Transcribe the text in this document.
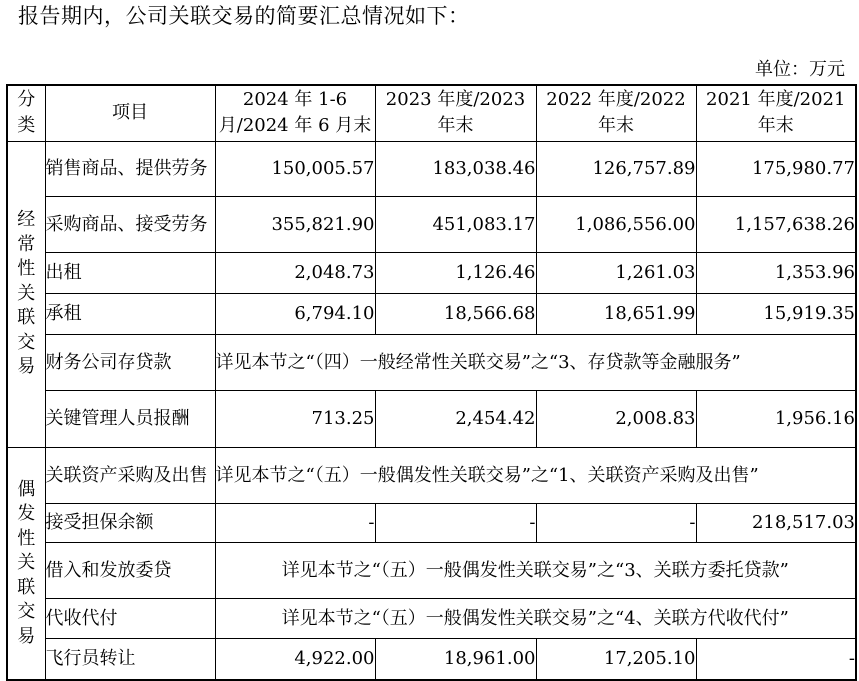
报告期内，公司关联交易的简要汇总情况如下：
单位：万元
分类	项目	2024 年 1-6 月/2024 年 6 月末	2023 年度/2023年末	2022 年度/2022年末	2021 年度/2021年末
经常性关联交易	销售商品、提供劳务	150,005.57	183,038.46	126,757.89	175,980.77
	采购商品、接受劳务	355,821.90	451,083.17	1,086,556.00	1,157,638.26
	出租	2,048.73	1,126.46	1,261.03	1,353.96
	承租	6,794.10	18,566.68	18,651.99	15,919.35
	财务公司存贷款	详见本节之“（四）一般经常性关联交易”之“3、存贷款等金融服务”			
	关键管理人员报酬	713.25	2,454.42	2,008.83	1,956.16
偶发性关联交易	关联资产采购及出售	详见本节之“（五）一般偶发性关联交易”之“1、关联资产采购及出售”			
	接受担保余额	-	-	-	218,517.03
	借入和发放委贷	详见本节之“（五）一般偶发性关联交易”之“3、关联方委托贷款”			
	代收代付	详见本节之“（五）一般偶发性关联交易”之“4、关联方代收代付”			
	飞行员转让	4,922.00	18,961.00	17,205.10	-
